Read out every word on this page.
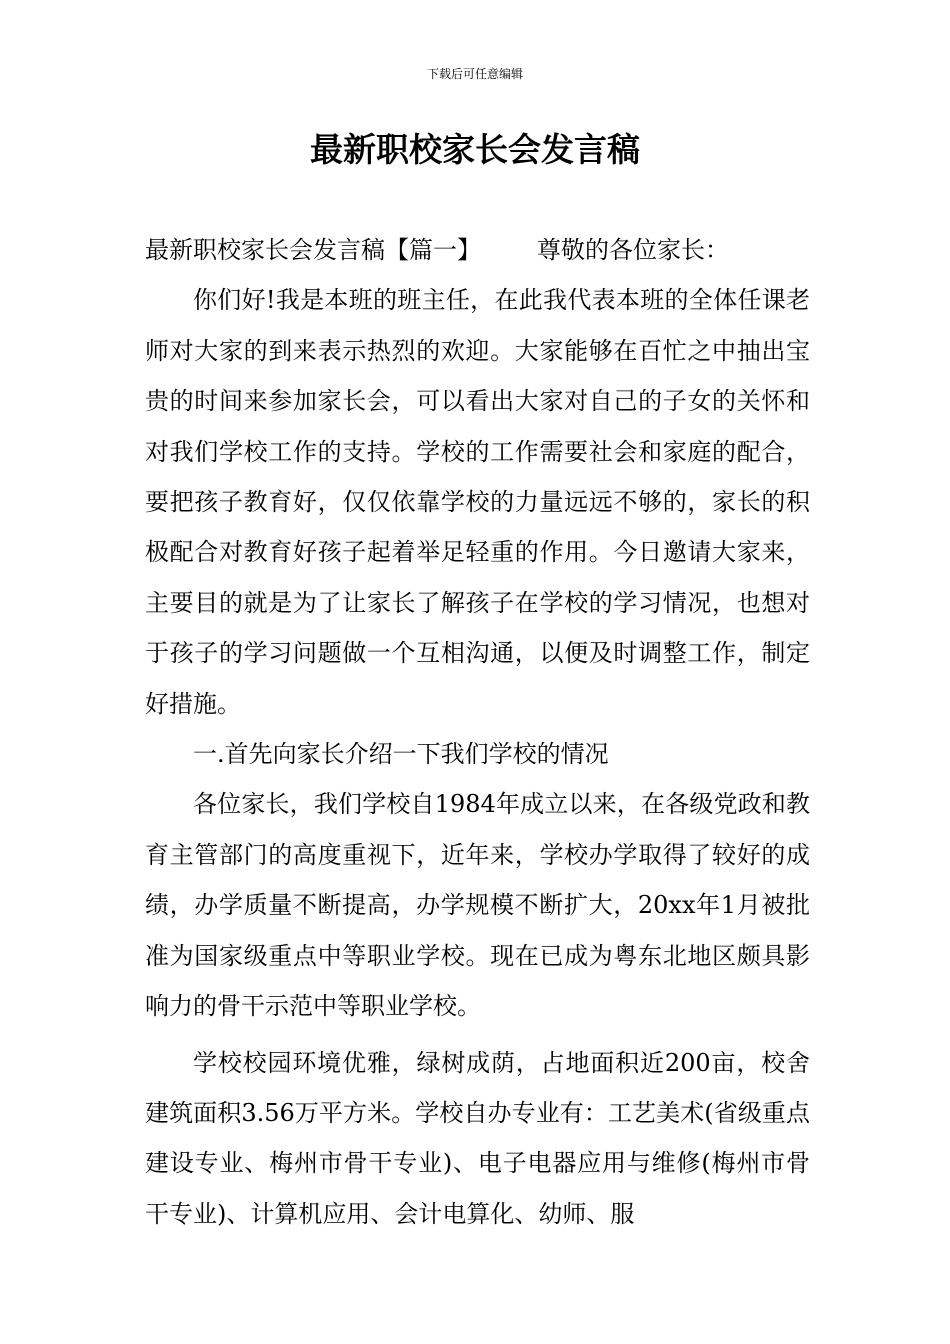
下载后可任意编辑
最新职校家长会发言稿

最新职校家长会发言稿【篇一】 尊敬的各位家长：

你们好!我是本班的班主任，在此我代表本班的全体任课老师对大家的到来表示热烈的欢迎。大家能够在百忙之中抽出宝贵的时间来参加家长会，可以看出大家对自己的子女的关怀和对我们学校工作的支持。学校的工作需要社会和家庭的配合，要把孩子教育好，仅仅依靠学校的力量远远不够的，家长的积极配合对教育好孩子起着举足轻重的作用。今日邀请大家来，主要目的就是为了让家长了解孩子在学校的学习情况，也想对于孩子的学习问题做一个互相沟通，以便及时调整工作，制定好措施。

一.首先向家长介绍一下我们学校的情况

各位家长，我们学校自1984年成立以来，在各级党政和教育主管部门的高度重视下，近年来，学校办学取得了较好的成绩，办学质量不断提高，办学规模不断扩大，20xx年1月被批准为国家级重点中等职业学校。现在已成为粤东北地区颇具影响力的骨干示范中等职业学校。

学校校园环境优雅，绿树成荫，占地面积近200亩，校舍建筑面积3.56万平方米。学校自办专业有：工艺美术(省级重点建设专业、梅州市骨干专业)、电子电器应用与维修(梅州市骨干专业)、计算机应用、会计电算化、幼师、服
